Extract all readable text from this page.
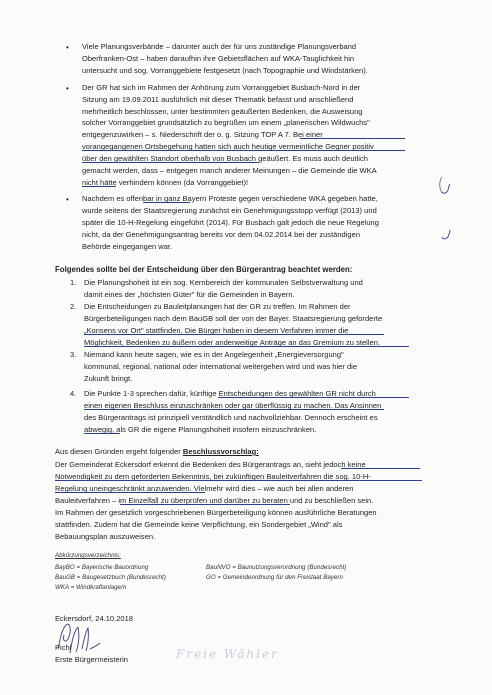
• Viele Planungsverbände – darunter auch der für uns zuständige Planungsverband
Oberfranken-Ost – haben daraufhin ihre Gebietsflächen auf WKA-Tauglichkeit hin
untersucht und sog. Vorranggebiete festgesetzt (nach Topographie und Windstärken).
• Der GR hat sich im Rahmen der Anhörung zum Vorranggebiet Busbach-Nord in der
Sitzung am 19.09.2011 ausführlich mit dieser Thematik befasst und anschließend
mehrheitlich beschlossen, unter bestimmten geäußerten Bedenken, die Ausweisung
solcher Vorranggebiet grundsätzlich zu begrüßen um einem „planerischen Wildwuchs"
entgegenzuwirken – s. Niederschrift der o. g. Sitzung TOP A 7. Bei einer
vorangegangenen Ortsbegehung hatten sich auch heutige vermeintliche Gegner positiv
über den gewählten Standort oberhalb von Busbach geäußert. Es muss auch deutlich
gemacht werden, dass – entgegen manch anderer Meinungen – die Gemeinde die WKA
nicht hätte verhindern können (da Vorranggebiet)!
• Nachdem es offenbar in ganz Bayern Proteste gegen verschiedene WKA gegeben hatte,
wurde seitens der Staatsregierung zunächst ein Genehmigungsstopp verfügt (2013) und
später die 10-H-Regelung eingeführt (2014). Für Busbach galt jedoch die neue Regelung
nicht, da der Genehmigungsantrag bereits vor dem 04.02.2014 bei der zuständigen
Behörde eingegangen war.
Folgendes sollte bei der Entscheidung über den Bürgerantrag beachtet werden:
1. Die Planungshoheit ist ein sog. Kernbereich der kommunalen Selbstverwaltung und
damit eines der „höchsten Güter" für die Gemeinden in Bayern.
2. Die Entscheidungen zu Bauleitplanungen hat der GR zu treffen. Im Rahmen der
Bürgerbeteiligungen nach dem BauGB soll der von der Bayer. Staatsregierung geforderte
„Konsens vor Ort" stattfinden. Die Bürger haben in diesem Verfahren immer die
Möglichkeit, Bedenken zu äußern oder anderweitige Anträge an das Gremium zu stellen.
3. Niemand kann heute sagen, wie es in der Angelegenheit „Energieversorgung"
kommunal, regional, national oder international weitergehen wird und was hier die
Zukunft bringt.
4. Die Punkte 1-3 sprechen dafür, künftige Entscheidungen des gewählten GR nicht durch
einen eigenen Beschluss einzuschränken oder gar überflüssig zu machen. Das Ansinnen
des Bürgerantrags ist prinzipiell verständlich und nachvollziehbar. Dennoch erscheint es
abwegig, als GR die eigene Planungshoheit insofern einzuschränken.
Aus diesen Gründen ergeht folgender Beschlussvorschlag:
Der Gemeinderat Eckersdorf erkennt die Bedenken des Bürgerantrags an, sieht jedoch keine
Notwendigkeit zu dem geforderten Bekenntnis, bei zukünftigen Bauleitverfahren die sog. 10-H-
Regelung uneingeschränkt anzuwenden. Vielmehr wird dies – wie auch bei allen anderen
Bauleitverfahren – im Einzelfall zu überprüfen und darüber zu beraten und zu beschließen sein.
Im Rahmen der gesetzlich vorgeschriebenen Bürgerbeteiligung können ausführliche Beratungen
stattfinden. Zudem hat die Gemeinde keine Verpflichtung, ein Sondergebiet „Wind" als
Bebauungsplan auszuweisen.
Abkürzungsverzeichnis:
BayBO = Bayerische Bauordnung
BauGB = Baugesetzbuch (Bundesrecht)
WKA = Windkraftanlage/n
BauNVO = Baunutzungsverordnung (Bundesrecht)
GO = Gemeindeordnung für den Freistaat Bayern
Eckersdorf, 24.10.2018
Pichl
Erste Bürgermeisterin	Freie Wähler
